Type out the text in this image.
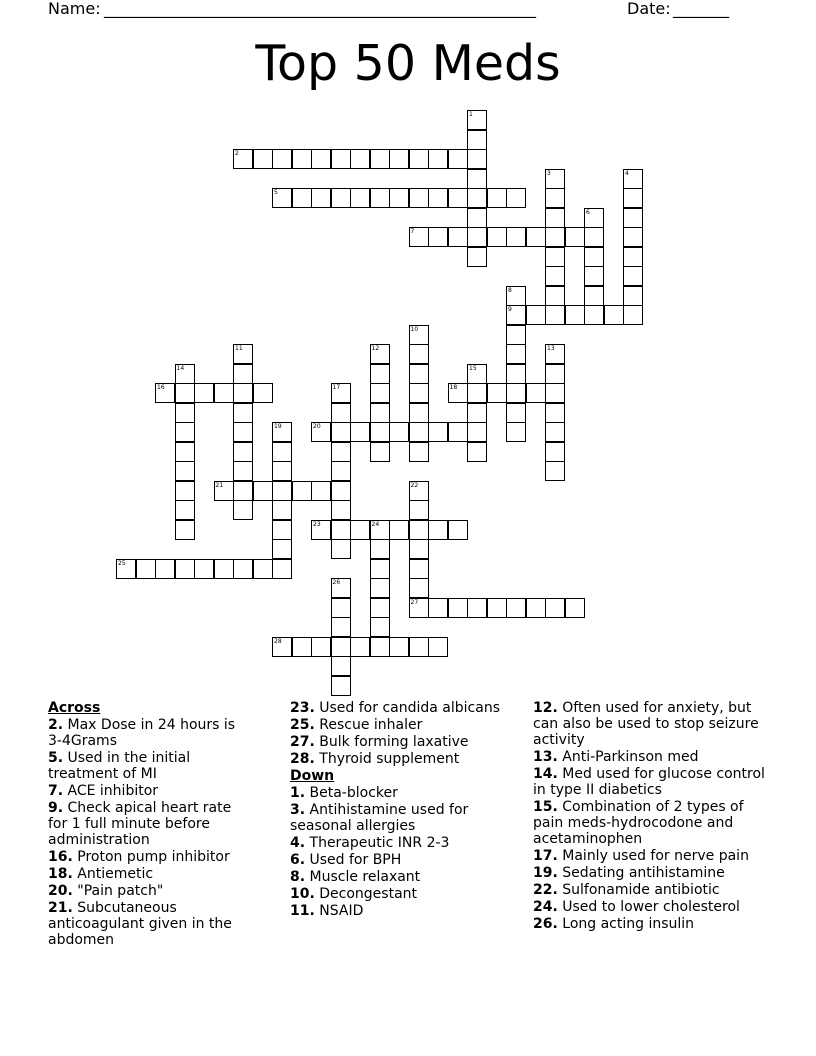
Name: ______________________________________________________	Date: _______
Top 50 Meds
1
2
3	4
5
6
7
8
9
10
11	12	13
14	15
16	17	18
19	20
21	22
27
23	24
25
26
28
Across
2. Max Dose in 24 hours is 3-4Grams
5. Used in the initial treatment of MI
7. ACE inhibitor
9. Check apical heart rate for 1 full minute before administration
16. Proton pump inhibitor
18. Antiemetic
20. "Pain patch"
21. Subcutaneous anticoagulant given in the abdomen
23. Used for candida albicans
25. Rescue inhaler
27. Bulk forming laxative
28. Thyroid supplement
Down
1. Beta-blocker
3. Antihistamine used for seasonal allergies
4. Therapeutic INR 2-3
6. Used for BPH
8. Muscle relaxant
10. Decongestant
11. NSAID
12. Often used for anxiety, but can also be used to stop seizure activity
13. Anti-Parkinson med
14. Med used for glucose control in type II diabetics
15. Combination of 2 types of pain meds-hydrocodone and acetaminophen
17. Mainly used for nerve pain
19. Sedating antihistamine
22. Sulfonamide antibiotic
24. Used to lower cholesterol
26. Long acting insulin
